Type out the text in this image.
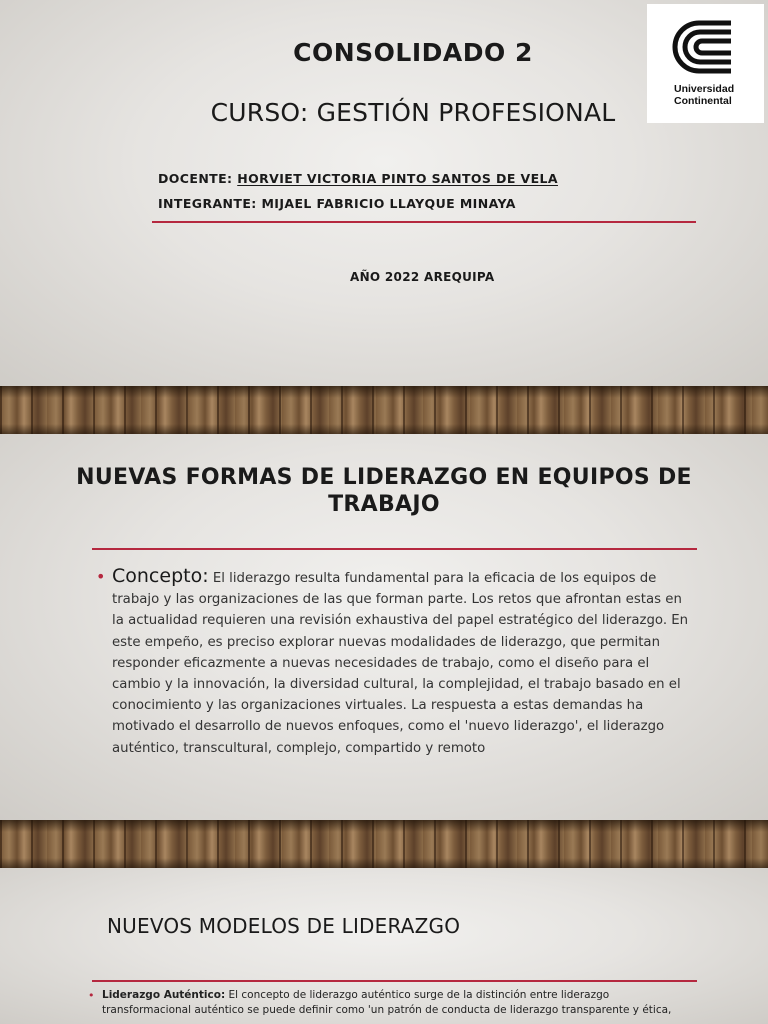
CONSOLIDADO 2
CURSO: GESTIÓN PROFESIONAL
DOCENTE: HORVIET VICTORIA PINTO SANTOS DE VELA
INTEGRANTE: MIJAEL FABRICIO LLAYQUE MINAYA
AÑO 2022 AREQUIPA
Universidad
Continental
NUEVAS FORMAS DE LIDERAZGO EN EQUIPOS DE TRABAJO
• Concepto: El liderazgo resulta fundamental para la eficacia de los equipos de trabajo y las organizaciones de las que forman parte. Los retos que afrontan estas en la actualidad requieren una revisión exhaustiva del papel estratégico del liderazgo. En este empeño, es preciso explorar nuevas modalidades de liderazgo, que permitan responder eficazmente a nuevas necesidades de trabajo, como el diseño para el cambio y la innovación, la diversidad cultural, la complejidad, el trabajo basado en el conocimiento y las organizaciones virtuales. La respuesta a estas demandas ha motivado el desarrollo de nuevos enfoques, como el 'nuevo liderazgo', el liderazgo auténtico, transcultural, complejo, compartido y remoto
NUEVOS MODELOS DE LIDERAZGO
• Liderazgo Auténtico: El concepto de liderazgo auténtico surge de la distinción entre liderazgo transformacional auténtico se puede definir como 'un patrón de conducta de liderazgo transparente y ética,
